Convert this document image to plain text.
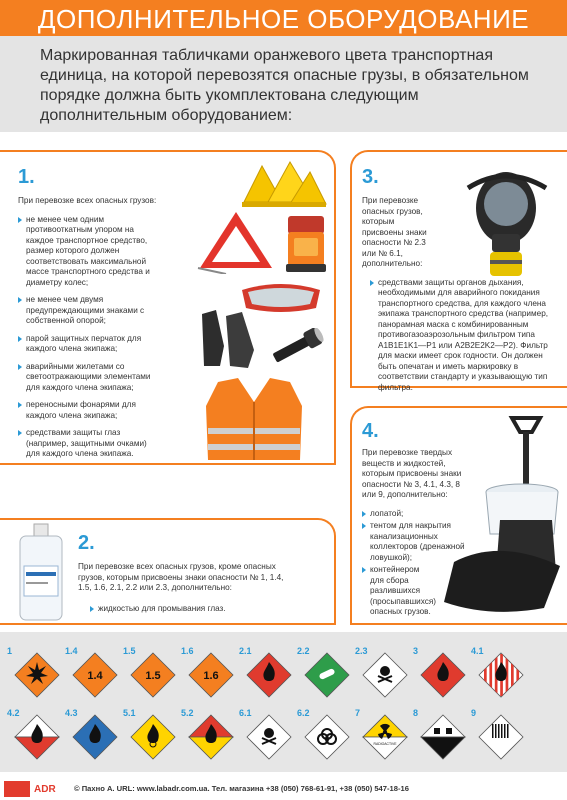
ДОПОЛНИТЕЛЬНОЕ ОБОРУДОВАНИЕ
Маркированная табличками оранжевого цвета транспортная единица, на которой перевозятся опасные грузы, в обязательном порядке должна быть укомплектована следующим дополнительным оборудованием:
1.
При перевозке всех опасных грузов:
не менее чем одним противооткатным упором на каждое транспортное средство, размер которого должен соответствовать максимальной массе транспортного средства и диаметру колес;
не менее чем двумя предупреждающими знаками с собственной опорой;
парой защитных перчаток для каждого члена экипажа;
аварийными жилетами со светоотражающими элементами для каждого члена экипажа;
переносными фонарями для каждого члена экипажа;
средствами защиты глаз (например, защитными очками) для каждого члена экипажа.
2.
При перевозке всех опасных грузов, кроме опасных грузов, которым присвоены знаки опасности № 1, 1.4, 1.5, 1.6, 2.1, 2.2 или 2.3, дополнительно:
жидкостью для промывания глаз.
3.
При перевозке опасных грузов, которым присвоены знаки опасности № 2.3 или № 6.1, дополнительно:
средствами защиты органов дыхания, необходимыми для аварийного покидания транспортного средства, для каждого члена экипажа транспортного средства (например, панорамная маска с комбинированным противогазоаэрозольным фильтром типа A1B1E1K1—P1 или A2B2E2K2—P2). Фильтр для маски имеет срок годности. Он должен быть опечатан и иметь маркировку в соответствии стандарту и указывающую тип фильтра.
4.
При перевозке твердых веществ и жидкостей, которым присвоены знаки опасности № 3, 4.1, 4.3, 8 или 9, дополнительно:
лопатой;
тентом для накрытия канализационных коллекторов (дренажной ловушкой);
контейнером для сбора разлившихся (просыпавшихся) опасных грузов.
1
1.4
1.4
1.5
1.5
1.6
1.6	2.1	2.2	2.3	3	4.1
4.2	4.3	5.1	5.2	6.1	6.2
RADIOACTIVE
7	8	9
ADR © Пахно А. URL: www.labadr.com.ua. Тел. магазина +38 (050) 768-61-91, +38 (050) 547-18-16
